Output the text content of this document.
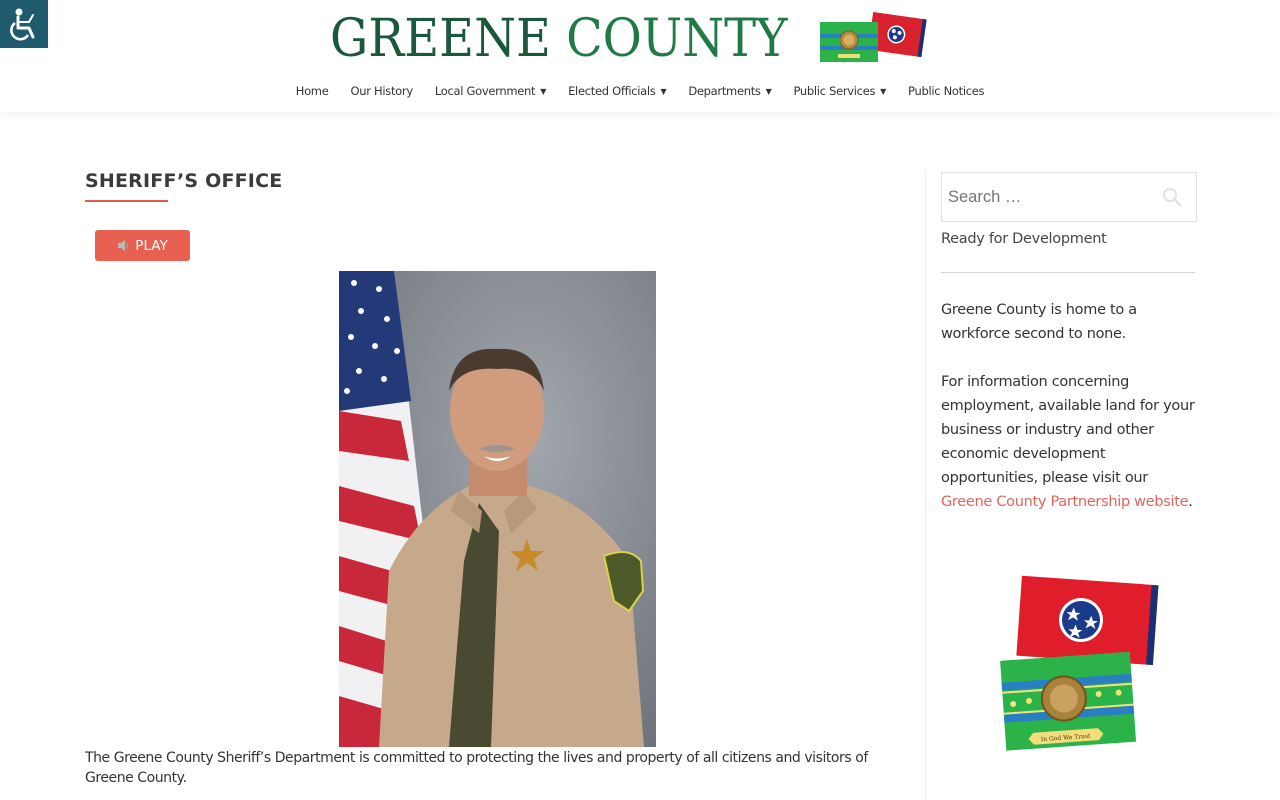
GREENE COUNTY
Home Our History Local Government ▼ Elected Officials ▼ Departments ▼ Public Services ▼ Public Notices
SHERIFF’S OFFICE
PLAY

The Greene County Sheriff’s Department is committed to protecting the lives and property of all citizens and visitors of Greene County.

Search …
Ready for Development

Greene County is home to a workforce second to none.

For information concerning employment, available land for your business or industry and other economic development opportunities, please visit our Greene County Partnership website.

In God We Trust
